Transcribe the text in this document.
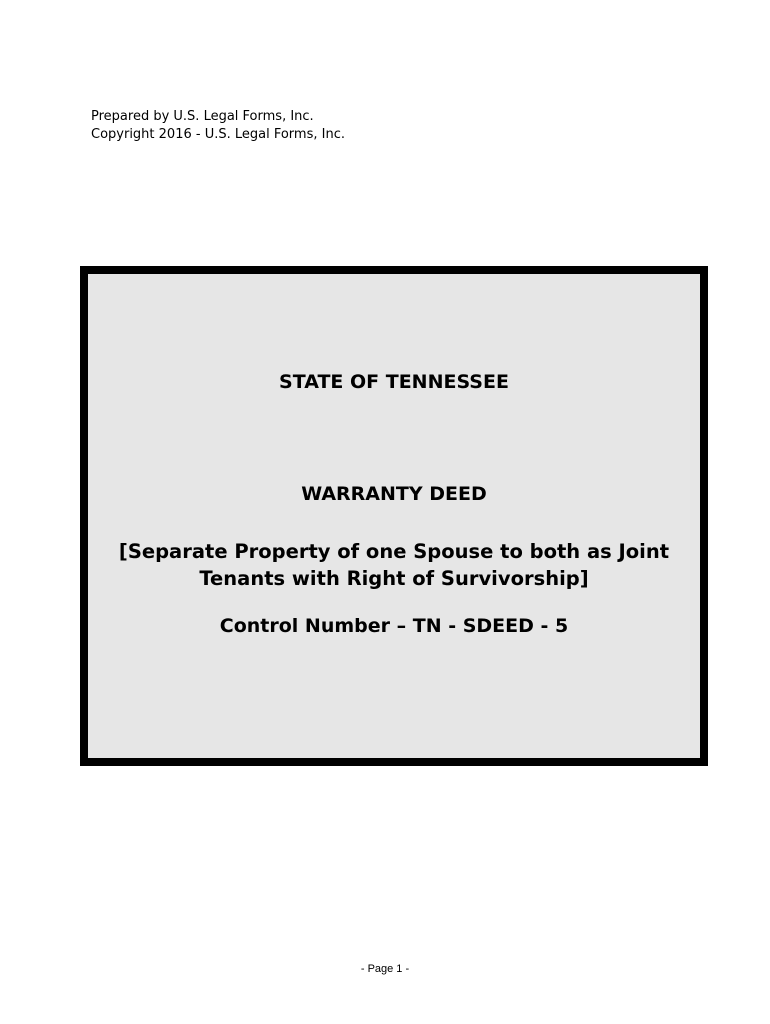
Prepared by U.S. Legal Forms, Inc.
Copyright 2016 - U.S. Legal Forms, Inc.
STATE OF TENNESSEE
WARRANTY DEED
[Separate Property of one Spouse to both as Joint
Tenants with Right of Survivorship]
Control Number – TN - SDEED - 5
- Page 1 -
